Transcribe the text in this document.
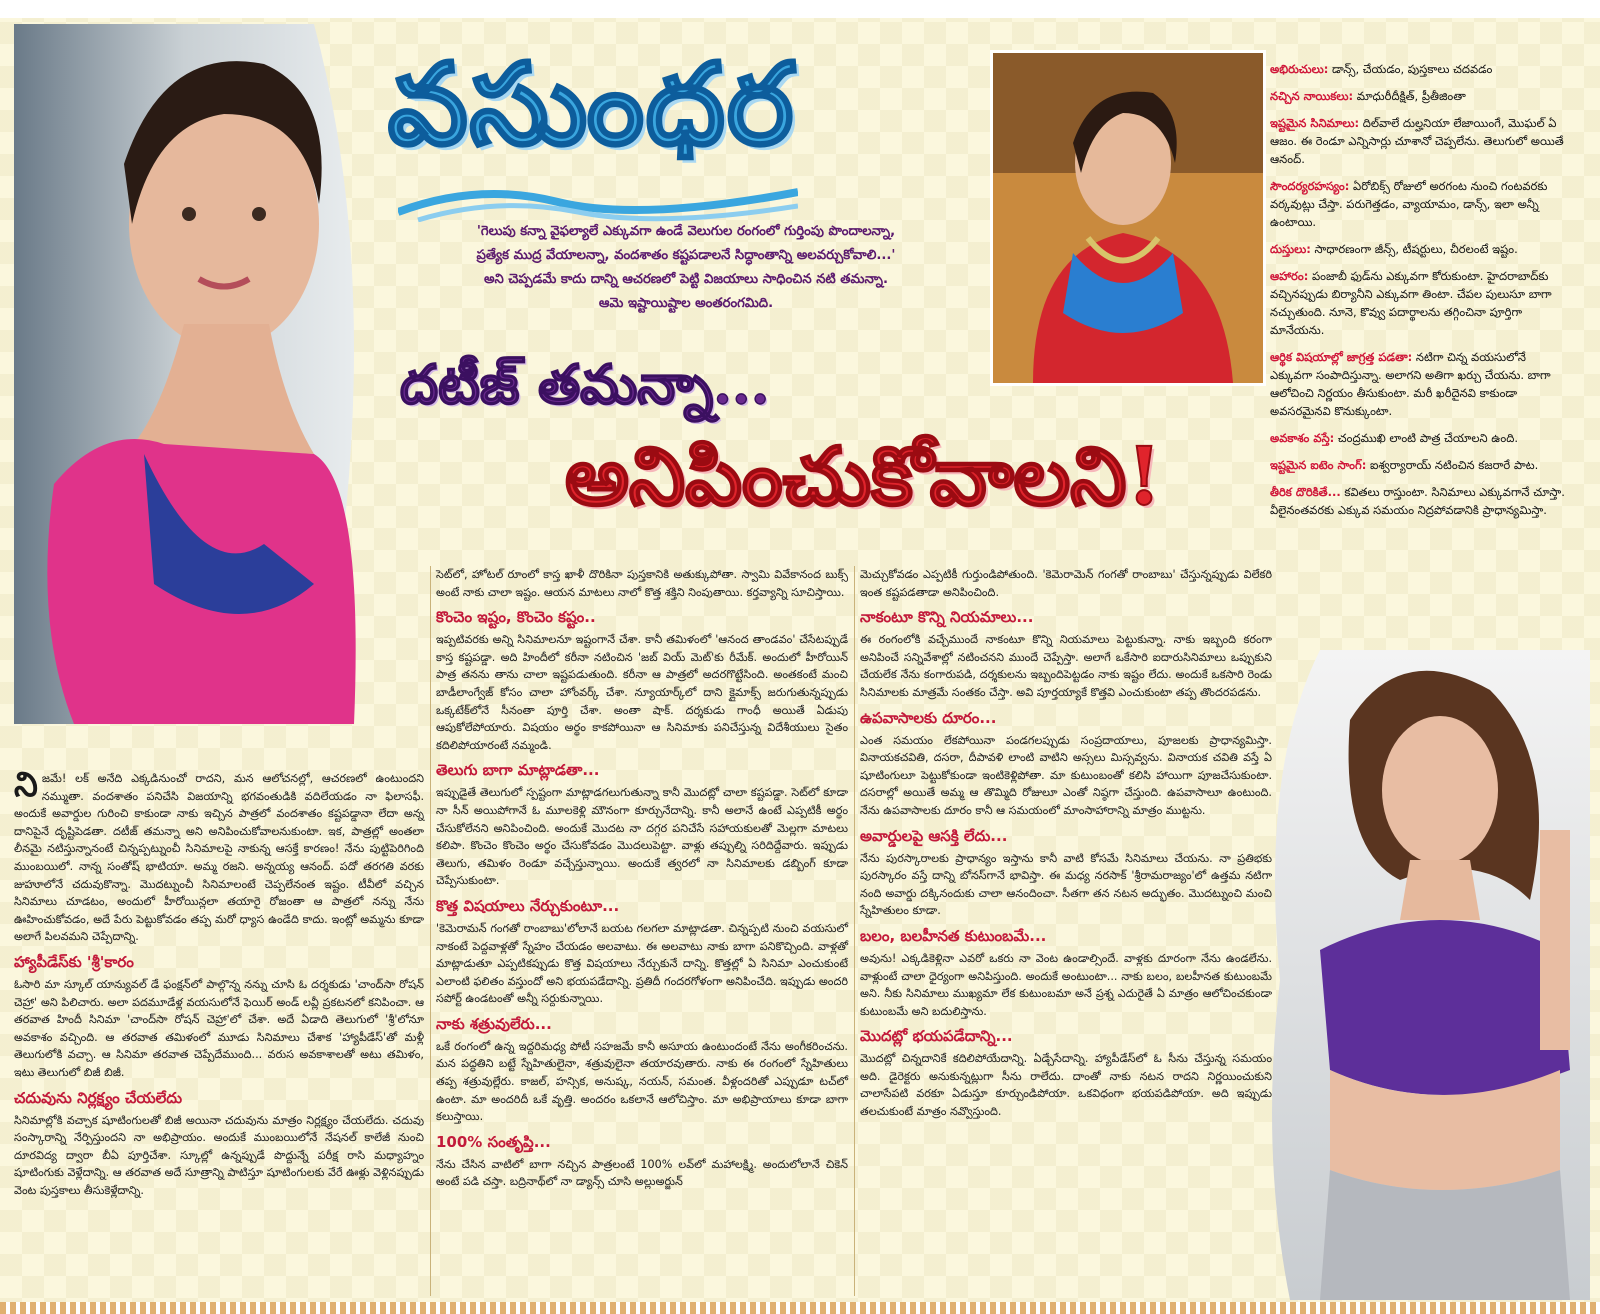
వసుంధర
'గెలుపు కన్నా వైఫల్యాలే ఎక్కువగా ఉండే వెలుగుల రంగంలో గుర్తింపు పొందాలన్నా,
ప్రత్యేక ముద్ర వేయాలన్నా, వందశాతం కష్టపడాలనే సిద్ధాంతాన్ని అలవర్చుకోవాలి...'
అని చెప్పడమే కాదు దాన్ని ఆచరణలో పెట్టి విజయాలు సాధించిన నటి తమన్నా.
ఆమె ఇష్టాయిష్టాల అంతరంగమిది.
దటీజ్ తమన్నా...
అనిపించుకోవాలని!
అభిరుచులు: డాన్స్, చేయడం, పుస్తకాలు చదవడం
నచ్చిన నాయికలు: మాధురీదీక్షిత్, ప్రీతీజింతా
ఇష్టమైన సినిమాలు: దిల్‌వాలే దుల్హనియా లేజాయింగే, మొఘల్ ఏ ఆజం. ఈ రెండూ ఎన్నిసార్లు చూశానో చెప్పలేను. తెలుగులో అయితే ఆనంద్.
సౌందర్యరహస్యం: ఏరోబిక్స్ రోజులో అరగంట నుంచి గంటవరకు వర్కవుట్లు చేస్తా. పరుగెత్తడం, వ్యాయామం, డాన్స్, ఇలా అన్నీ ఉంటాయి.
దుస్తులు: సాధారణంగా జీన్స్, టీషర్టులు, చీరలంటే ఇష్టం.
ఆహారం: పంజాబీ ఫుడ్‌ను ఎక్కువగా కోరుకుంటా. హైదరాబాద్‌కు వచ్చినప్పుడు బిర్యానీని ఎక్కువగా తింటా. చేపల పులుసూ బాగా నచ్చుతుంది. నూనె, కొవ్వు పదార్థాలను తగ్గించినా పూర్తిగా మానేయను.
ఆర్థిక విషయాల్లో జాగ్రత్త పడతా: నటిగా చిన్న వయసులోనే ఎక్కువగా సంపాదిస్తున్నా. అలాగని అతిగా ఖర్చు చేయను. బాగా ఆలోచించి నిర్ణయం తీసుకుంటా. మరీ ఖరీదైనవి కాకుండా అవసరమైనవి కొనుక్కుంటా.
అవకాశం వస్తే: చంద్రముఖి లాంటి పాత్ర చేయాలని ఉంది.
ఇష్టమైన ఐటెం సాంగ్: ఐశ్వర్యారాయ్ నటించిన కజరారే పాట.
తీరిక దొరికితే... కవితలు రాస్తుంటా. సినిమాలు ఎక్కువగానే చూస్తా. వీలైనంతవరకు ఎక్కువ సమయం నిద్రపోవడానికి ప్రాధాన్యమిస్తా.

నిజమే! లక్ అనేది ఎక్కడినుంచో రాదని, మన ఆలోచనల్లో, ఆచరణలో ఉంటుందని నమ్ముతా. వందశాతం పనిచేసి విజయాన్ని భగవంతుడికి వదిలేయడం నా ఫిలాసఫీ. అందుకే అవార్డుల గురించి కాకుండా నాకు ఇచ్చిన పాత్రలో వందశాతం కష్టపడ్డానా లేదా అన్న దానిపైనే దృష్టిపెడతా. దటీజ్ తమన్నా అని అనిపించుకోవాలనుకుంటా. ఇక, పాత్రల్లో అంతలా లీనమై నటిస్తున్నానంటే చిన్నప్పట్నుంచీ సినిమాలపై నాకున్న ఆసక్తే కారణం! నేను పుట్టిపెరిగింది ముంబయిలో. నాన్న సంతోష్ భాటియా. అమ్మ రజని. అన్నయ్య ఆనంద్. పదో తరగతి వరకు జుహూలోనే చదువుకొన్నా. మొదట్నుంచీ సినిమాలంటే చెప్పలేనంత ఇష్టం. టీవీలో వచ్చిన సినిమాలు చూడటం, అందులో హీరోయిన్లలా తయారై రోజంతా ఆ పాత్రలో నన్ను నేను ఊహించుకోవడం, అదే పేరు పెట్టుకోవడం తప్ప మరో ధ్యాస ఉండేది కాదు. ఇంట్లో అమ్మను కూడా అలాగే పిలవమని చెప్పేదాన్ని.

హ్యాపీడేస్‌కు 'శ్రీ'కారం

ఓసారి మా స్కూల్ యాన్యువల్ డే ఫంక్షన్‌లో పాల్గొన్న నన్ను చూసి ఓ దర్శకుడు 'చాంద్‌సా రోషన్ చెహ్రా' అని పిలిచారు. అలా పదమూడేళ్ల వయసులోనే ఫెయిర్ అండ్ లవ్లీ ప్రకటనలో కనిపించా. ఆ తరవాత హిందీ సినిమా 'చాంద్‌సా రోషన్ చెహ్రా'లో చేశా. అదే ఏడాది తెలుగులో 'శ్రీ'లోనూ అవకాశం వచ్చింది. ఆ తరవాత తమిళంలో మూడు సినిమాలు చేశాక 'హ్యాపీడేస్'తో మళ్లీ తెలుగులోకి వచ్చా. ఆ సినిమా తరవాత చెప్పేదేముంది... వరుస అవకాశాలతో అటు తమిళం, ఇటు తెలుగులో బిజీ బిజీ.

చదువును నిర్లక్ష్యం చేయలేదు

సినిమాల్లోకి వచ్చాక షూటింగులతో బిజీ అయినా చదువును మాత్రం నిర్లక్ష్యం చేయలేదు. చదువు సంస్కారాన్ని నేర్పిస్తుందని నా అభిప్రాయం. అందుకే ముంబయిలోనే నేషనల్ కాలేజీ నుంచి దూరవిద్య ద్వారా బీఏ పూర్తిచేశా. స్కూల్లో ఉన్నప్పుడే పొద్దున్నే పరీక్ష రాసి మధ్యాహ్నం షూటింగుకు వెళ్లేదాన్ని. ఆ తరవాత అదే సూత్రాన్ని పాటిస్తూ షూటింగులకు వేరే ఊళ్లు వెళ్లినప్పుడు వెంట పుస్తకాలు తీసుకెళ్లేదాన్ని.

సెట్‌లో, హోటల్ రూంలో కాస్త ఖాళీ దొరికినా పుస్తకానికి అతుక్కుపోతా. స్వామి వివేకానంద బుక్స్‌ అంటే నాకు చాలా ఇష్టం. ఆయన మాటలు నాలో కొత్త శక్తిని నింపుతాయి. కర్తవ్యాన్ని సూచిస్తాయి.

కొంచెం ఇష్టం, కొంచెం కష్టం..

ఇప్పటివరకు అన్ని సినిమాలనూ ఇష్టంగానే చేశా. కానీ తమిళంలో 'ఆనంద తాండవం' చేసేటప్పుడే కాస్త కష్టపడ్డా. అది హిందీలో కరీనా నటించిన 'జబ్ వియ్ మెట్'కు రీమేక్. అందులో హీరోయిన్ పాత్ర తనను తాను చాలా ఇష్టపడుతుంది. కరీనా ఆ పాత్రలో అదరగొట్టేసింది. అంతకంటే మంచి బాడీలాంగ్వేజ్ కోసం చాలా హోంవర్క్ చేశా. న్యూయార్క్‌లో దాని క్లైమాక్స్ జరుగుతున్నప్పుడు ఒక్కటేక్‌లోనే సీనంతా పూర్తి చేశా. అంతా షాక్. దర్శకుడు గాంధీ అయితే ఏడుపు ఆపుకోలేపోయారు. విషయం అర్థం కాకపోయినా ఆ సినిమాకు పనిచేస్తున్న విదేశీయులు సైతం కదిలిపోయారంటే నమ్మండి.

తెలుగు బాగా మాట్లాడతా...

ఇప్పుడైతే తెలుగులో స్పష్టంగా మాట్లాడగలుగుతున్నా కానీ మొదట్లో చాలా కష్టపడ్డా. సెట్‌లో కూడా నా సీన్ అయిపోగానే ఓ మూలకెళ్లి మౌనంగా కూర్చునేదాన్ని. కానీ అలానే ఉంటే ఎప్పటికీ అర్థం చేసుకోలేనని అనిపించింది. అందుకే మొదట నా దగ్గర పనిచేసే సహాయకులతో మెల్లగా మాటలు కలిపా. కొంచెం కొంచెం అర్థం చేసుకోవడం మొదలుపెట్టా. వాళ్లు తప్పుల్ని సరిదిద్దేవారు. ఇప్పుడు తెలుగు, తమిళం రెండూ వచ్చేస్తున్నాయి. అందుకే త్వరలో నా సినిమాలకు డబ్బింగ్ కూడా చెప్పేసుకుంటా.

కొత్త విషయాలు నేర్చుకుంటూ...

'కెమెరామన్ గంగతో రాంబాబు'లోలానే బయట గలగలా మాట్లాడతా. చిన్నప్పటి నుంచి వయసులో నాకంటే పెద్దవాళ్లతో స్నేహం చేయడం అలవాటు. ఈ అలవాటు నాకు బాగా పనికొచ్చింది. వాళ్లతో మాట్లాడుతూ ఎప్పటికప్పుడు కొత్త విషయాలు నేర్చుకునే దాన్ని. కొత్తల్లో ఏ సినిమా ఎంచుకుంటే ఎలాంటి ఫలితం వస్తుందో అని భయపడేదాన్ని. ప్రతిదీ గందరగోళంగా అనిపించేది. ఇప్పుడు అందరి సపోర్ట్ ఉండటంతో అన్నీ సర్దుకున్నాయి.

నాకు శత్రువులేరు...

ఒకే రంగంలో ఉన్న ఇద్దరిమధ్య పోటీ సహజమే కానీ అసూయ ఉంటుందంటే నేను అంగీకరించను. మన పద్ధతిని బట్టే స్నేహితులైనా, శత్రువులైనా తయారవుతారు. నాకు ఈ రంగంలో స్నేహితులు తప్ప శత్రువుల్లేరు. కాజల్, హన్సిక, అనుష్క, నయన్, సమంత. వీళ్లందరితో ఎప్పుడూ టచ్‌లో ఉంటా. మా అందరిదీ ఒకే వృత్తి. అందరం ఒకలానే ఆలోచిస్తాం. మా అభిప్రాయాలు కూడా బాగా కలుస్తాయి.

100% సంతృప్తి...

నేను చేసిన వాటిలో బాగా నచ్చిన పాత్రలంటే 100% లవ్‌లో మహాలక్ష్మి. అందులోలానే చికెన్ అంటే పడి చస్తా. బద్రినాథ్‌లో నా డ్యాన్స్ చూసి అల్లుఅర్జున్

మెచ్చుకోవడం ఎప్పటికీ గుర్తుండిపోతుంది. 'కెమెరామెన్ గంగతో రాంబాబు' చేస్తున్నప్పుడు విలేకరి ఇంత కష్టపడతాడా అనిపించింది.

నాకంటూ కొన్ని నియమాలు...

ఈ రంగంలోకి వచ్చేముందే నాకంటూ కొన్ని నియమాలు పెట్టుకున్నా. నాకు ఇబ్బంది కరంగా అనిపించే సన్నివేశాల్లో నటించనని ముందే చెప్పేస్తా. అలాగే ఒకేసారి ఐదారుసినిమాలు ఒప్పుకుని చేయలేక నేను కంగారుపడి, దర్శకులను ఇబ్బందిపెట్టడం నాకు ఇష్టం లేదు. అందుకే ఒకసారి రెండు సినిమాలకు మాత్రమే సంతకం చేస్తా. అవి పూర్తయ్యాకే కొత్తవి ఎంచుకుంటా తప్ప తొందరపడను.

ఉపవాసాలకు దూరం...

ఎంత సమయం లేకపోయినా పండగలప్పుడు సంప్రదాయాలు, పూజలకు ప్రాధాన్యమిస్తా. వినాయకచవితి, దసరా, దీపావళి లాంటి వాటిని అస్సలు మిస్సవ్వను. వినాయక చవితి వస్తే ఏ షూటింగులూ పెట్టుకోకుండా ఇంటికెళ్లిపోతా. మా కుటుంబంతో కలిసి హాయిగా పూజచేసుకుంటా. దసరాల్లో అయితే అమ్మ ఆ తొమ్మిది రోజులూ ఎంతో నిష్ఠగా చేస్తుంది. ఉపవాసాలూ ఉంటుంది. నేను ఉపవాసాలకు దూరం కానీ ఆ సమయంలో మాంసాహారాన్ని మాత్రం ముట్టను.

అవార్డులపై ఆసక్తి లేదు...

నేను పురస్కారాలకు ప్రాధాన్యం ఇస్తాను కానీ వాటి కోసమే సినిమాలు చేయను. నా ప్రతిభకు పురస్కారం వస్తే దాన్ని బోనస్‌గానే భావిస్తా. ఈ మధ్య నరసాక్ 'శ్రీరామరాజ్యం'లో ఉత్తమ నటిగా నంది అవార్డు దక్కినందుకు చాలా ఆనందించా. సీతగా తన నటన అద్భుతం. మొదట్నుంచి మంచి స్నేహితులం కూడా.

బలం, బలహీనత కుటుంబమే...

అవును! ఎక్కడికెళ్లినా ఎవరో ఒకరు నా వెంట ఉండాల్సిందే. వాళ్లకు దూరంగా నేను ఉండలేను. వాళ్లుంటే చాలా ధైర్యంగా అనిపిస్తుంది. అందుకే అంటుంటా... నాకు బలం, బలహీనత కుటుంబమే అని. నీకు సినిమాలు ముఖ్యమా లేక కుటుంబమా అనే ప్రశ్న ఎదురైతే ఏ మాత్రం ఆలోచించకుండా కుటుంబమే అని బదులిస్తాను.

మొదట్లో భయపడేదాన్ని...

మొదట్లో చిన్నదానికే కదిలిపోయేదాన్ని. ఏడ్చేసేదాన్ని. హ్యాపీడేస్‌లో ఓ సీను చేస్తున్న సమయం అది. డైరెక్టరు అనుకున్నట్లుగా సీను రాలేదు. దాంతో నాకు నటన రాదని నిర్ణయించుకుని చాలాసేపటి వరకూ ఏడుస్తూ కూర్చుండిపోయా. ఒకవిధంగా భయపడిపోయా. అది ఇప్పుడు తలచుకుంటే మాత్రం నవ్వొస్తుంది.
